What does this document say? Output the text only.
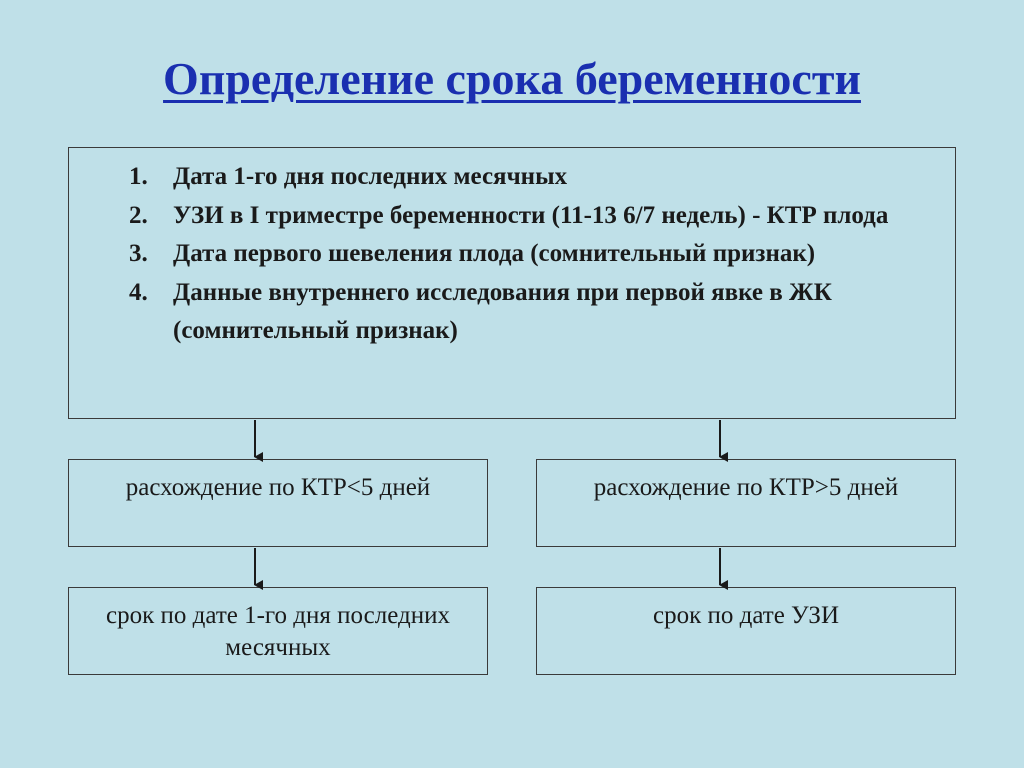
Определение срока беременности
1. Дата 1-го дня последних месячных
2. УЗИ в I триместре беременности (11-13 6/7 недель) - КТР плода
3. Дата первого шевеления плода (сомнительный признак)
4. Данные внутреннего исследования при первой явке в ЖК (сомнительный признак)
расхождение по КТР<5 дней	расхождение по КТР>5 дней
срок по дате 1-го дня последних месячных
срок по дате УЗИ
